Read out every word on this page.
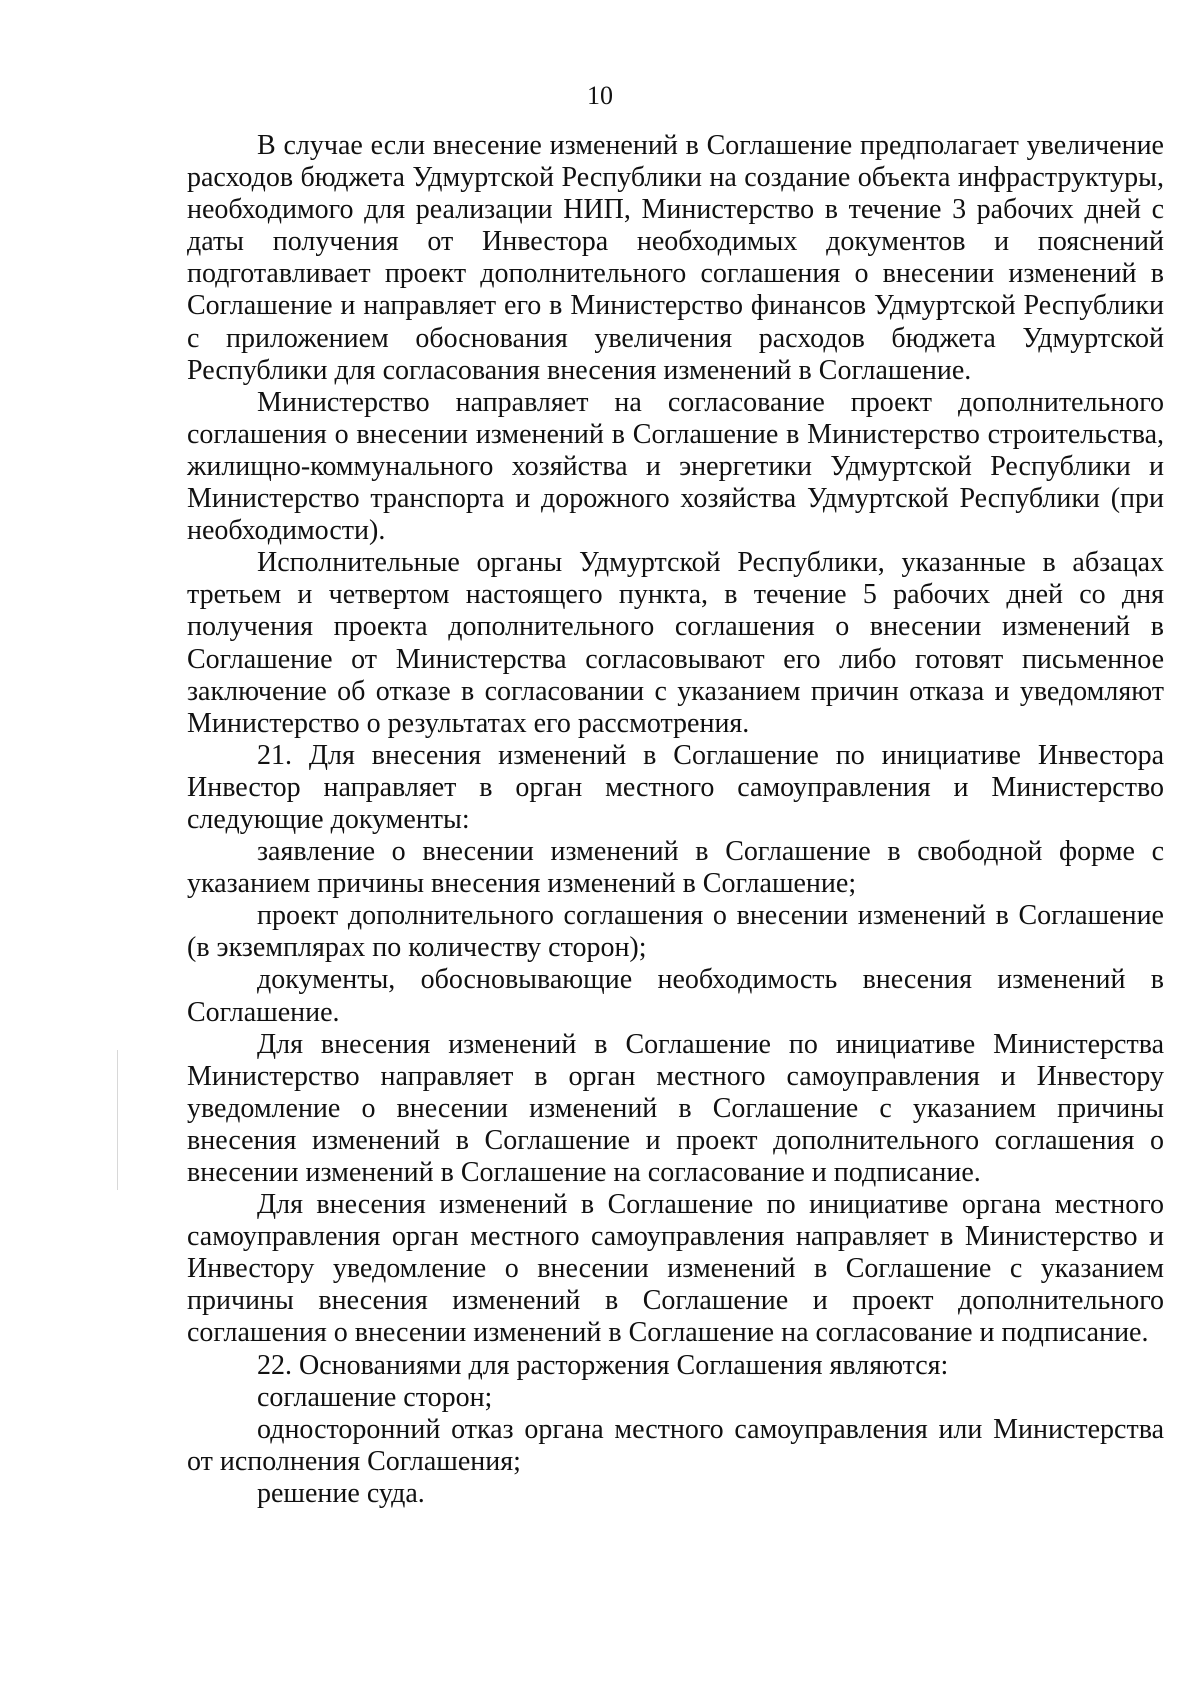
10

В случае если внесение изменений в Соглашение предполагает увеличение расходов бюджета Удмуртской Республики на создание объекта инфраструктуры, необходимого для реализации НИП, Министерство в течение 3 рабочих дней с даты получения от Инвестора необходимых документов и пояснений подготавливает проект дополнительного соглашения о внесении изменений в Соглашение и направляет его в Министерство финансов Удмуртской Республики с приложением обоснования увеличения расходов бюджета Удмуртской Республики для согласования внесения изменений в Соглашение.

Министерство направляет на согласование проект дополнительного соглашения о внесении изменений в Соглашение в Министерство строительства, жилищно-коммунального хозяйства и энергетики Удмуртской Республики и Министерство транспорта и дорожного хозяйства Удмуртской Республики (при необходимости).

Исполнительные органы Удмуртской Республики, указанные в абзацах третьем и четвертом настоящего пункта, в течение 5 рабочих дней со дня получения проекта дополнительного соглашения о внесении изменений в Соглашение от Министерства согласовывают его либо готовят письменное заключение об отказе в согласовании с указанием причин отказа и уведомляют Министерство о результатах его рассмотрения.

21. Для внесения изменений в Соглашение по инициативе Инвестора Инвестор направляет в орган местного самоуправления и Министерство следующие документы:

заявление о внесении изменений в Соглашение в свободной форме с указанием причины внесения изменений в Соглашение;

проект дополнительного соглашения о внесении изменений в Соглашение (в экземплярах по количеству сторон);

документы, обосновывающие необходимость внесения изменений в Соглашение.

Для внесения изменений в Соглашение по инициативе Министерства Министерство направляет в орган местного самоуправления и Инвестору уведомление о внесении изменений в Соглашение с указанием причины внесения изменений в Соглашение и проект дополнительного соглашения о внесении изменений в Соглашение на согласование и подписание.

Для внесения изменений в Соглашение по инициативе органа местного самоуправления орган местного самоуправления направляет в Министерство и Инвестору уведомление о внесении изменений в Соглашение с указанием причины внесения изменений в Соглашение и проект дополнительного соглашения о внесении изменений в Соглашение на согласование и подписание.

22. Основаниями для расторжения Соглашения являются:

соглашение сторон;

односторонний отказ органа местного самоуправления или Министерства от исполнения Соглашения;

решение суда.
